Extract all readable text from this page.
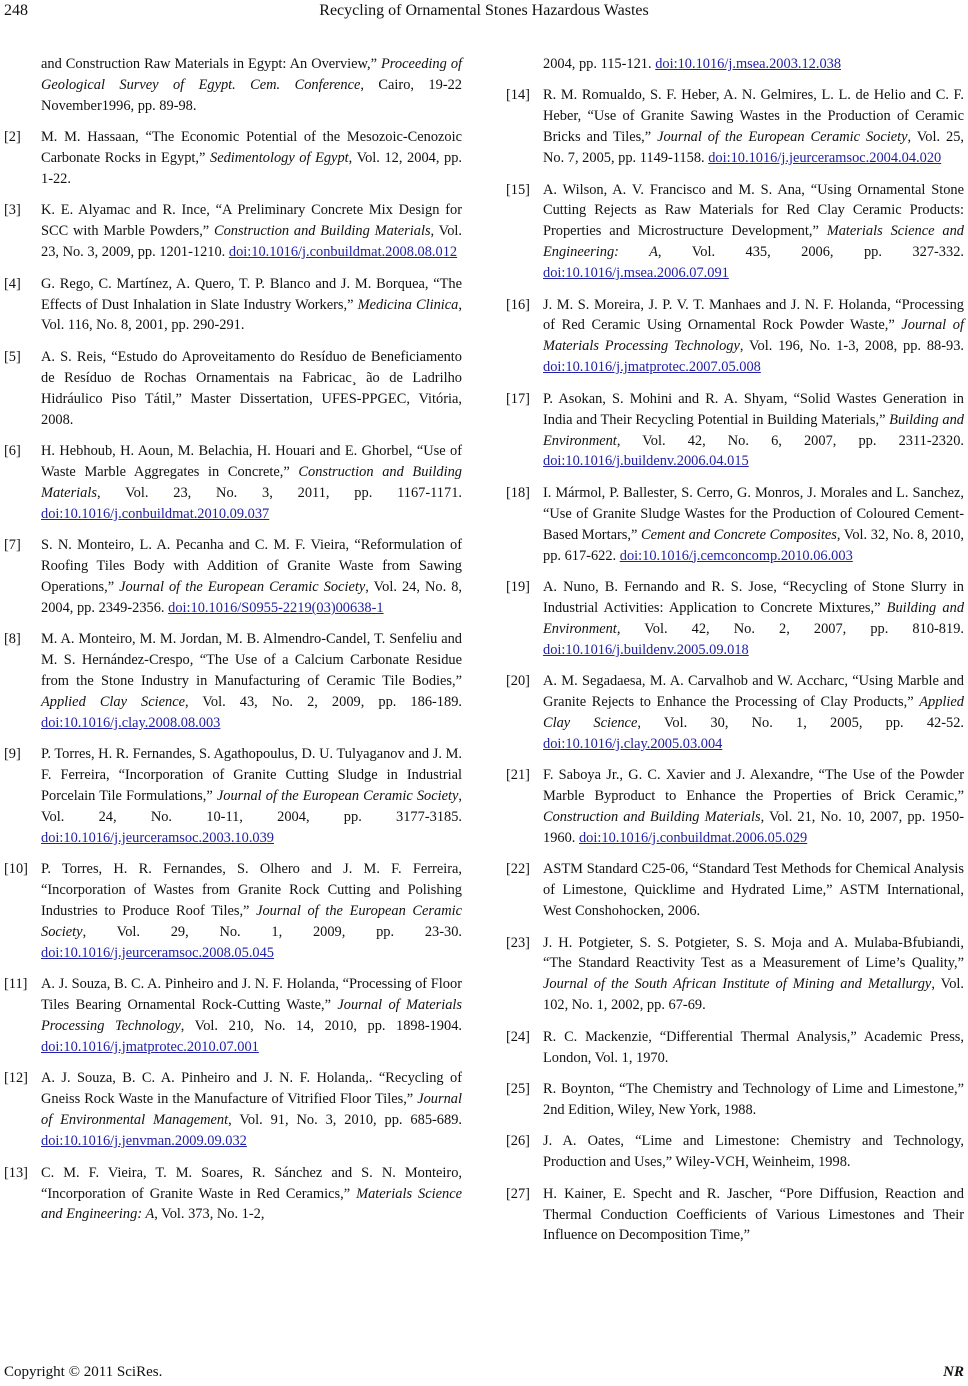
248	Recycling of Ornamental Stones Hazardous Wastes
and Construction Raw Materials in Egypt: An Overview,” Proceeding of Geological Survey of Egypt. Cem. Conference, Cairo, 19-22 November1996, pp. 89-98.
[2] M. M. Hassaan, “The Economic Potential of the Mesozoic-Cenozoic Carbonate Rocks in Egypt,” Sedimentology of Egypt, Vol. 12, 2004, pp. 1-22.
[3] K. E. Alyamac and R. Ince, “A Preliminary Concrete Mix Design for SCC with Marble Powders,” Construction and Building Materials, Vol. 23, No. 3, 2009, pp. 1201-1210. doi:10.1016/j.conbuildmat.2008.08.012
[4] G. Rego, C. Martínez, A. Quero, T. P. Blanco and J. M. Borquea, “The Effects of Dust Inhalation in Slate Industry Workers,” Medicina Clinica, Vol. 116, No. 8, 2001, pp. 290-291.
[5] A. S. Reis, “Estudo do Aproveitamento do Resíduo de Beneficiamento de Resíduo de Rochas Ornamentais na Fabricac¸ ão de Ladrilho Hidráulico Piso Tátil,” Master Dissertation, UFES-PPGEC, Vitória, 2008.
[6] H. Hebhoub, H. Aoun, M. Belachia, H. Houari and E. Ghorbel, “Use of Waste Marble Aggregates in Concrete,” Construction and Building Materials, Vol. 23, No. 3, 2011, pp. 1167-1171. doi:10.1016/j.conbuildmat.2010.09.037
[7] S. N. Monteiro, L. A. Pecanha and C. M. F. Vieira, “Reformulation of Roofing Tiles Body with Addition of Granite Waste from Sawing Operations,” Journal of the European Ceramic Society, Vol. 24, No. 8, 2004, pp. 2349-2356. doi:10.1016/S0955-2219(03)00638-1
[8] M. A. Monteiro, M. M. Jordan, M. B. Almendro-Candel, T. Senfeliu and M. S. Hernández-Crespo, “The Use of a Calcium Carbonate Residue from the Stone Industry in Manufacturing of Ceramic Tile Bodies,” Applied Clay Science, Vol. 43, No. 2, 2009, pp. 186-189. doi:10.1016/j.clay.2008.08.003
[9] P. Torres, H. R. Fernandes, S. Agathopoulus, D. U. Tulyaganov and J. M. F. Ferreira, “Incorporation of Granite Cutting Sludge in Industrial Porcelain Tile Formulations,” Journal of the European Ceramic Society, Vol. 24, No. 10-11, 2004, pp. 3177-3185. doi:10.1016/j.jeurceramsoc.2003.10.039
[10] P. Torres, H. R. Fernandes, S. Olhero and J. M. F. Ferreira, “Incorporation of Wastes from Granite Rock Cutting and Polishing Industries to Produce Roof Tiles,” Journal of the European Ceramic Society, Vol. 29, No. 1, 2009, pp. 23-30. doi:10.1016/j.jeurceramsoc.2008.05.045
[11] A. J. Souza, B. C. A. Pinheiro and J. N. F. Holanda, “Processing of Floor Tiles Bearing Ornamental Rock-Cutting Waste,” Journal of Materials Processing Technology, Vol. 210, No. 14, 2010, pp. 1898-1904. doi:10.1016/j.jmatprotec.2010.07.001
[12] A. J. Souza, B. C. A. Pinheiro and J. N. F. Holanda,. “Recycling of Gneiss Rock Waste in the Manufacture of Vitrified Floor Tiles,” Journal of Environmental Management, Vol. 91, No. 3, 2010, pp. 685-689. doi:10.1016/j.jenvman.2009.09.032
[13] C. M. F. Vieira, T. M. Soares, R. Sánchez and S. N. Monteiro, “Incorporation of Granite Waste in Red Ceramics,” Materials Science and Engineering: A, Vol. 373, No. 1-2,
2004, pp. 115-121. doi:10.1016/j.msea.2003.12.038
[14] R. M. Romualdo, S. F. Heber, A. N. Gelmires, L. L. de Helio and C. F. Heber, “Use of Granite Sawing Wastes in the Production of Ceramic Bricks and Tiles,” Journal of the European Ceramic Society, Vol. 25, No. 7, 2005, pp. 1149-1158. doi:10.1016/j.jeurceramsoc.2004.04.020
[15] A. Wilson, A. V. Francisco and M. S. Ana, “Using Ornamental Stone Cutting Rejects as Raw Materials for Red Clay Ceramic Products: Properties and Microstructure Development,” Materials Science and Engineering: A, Vol. 435, 2006, pp. 327-332. doi:10.1016/j.msea.2006.07.091
[16] J. M. S. Moreira, J. P. V. T. Manhaes and J. N. F. Holanda, “Processing of Red Ceramic Using Ornamental Rock Powder Waste,” Journal of Materials Processing Technology, Vol. 196, No. 1-3, 2008, pp. 88-93. doi:10.1016/j.jmatprotec.2007.05.008
[17] P. Asokan, S. Mohini and R. A. Shyam, “Solid Wastes Generation in India and Their Recycling Potential in Building Materials,” Building and Environment, Vol. 42, No. 6, 2007, pp. 2311-2320. doi:10.1016/j.buildenv.2006.04.015
[18] I. Mármol, P. Ballester, S. Cerro, G. Monros, J. Morales and L. Sanchez, “Use of Granite Sludge Wastes for the Production of Coloured Cement-Based Mortars,” Cement and Concrete Composites, Vol. 32, No. 8, 2010, pp. 617-622. doi:10.1016/j.cemconcomp.2010.06.003
[19] A. Nuno, B. Fernando and R. S. Jose, “Recycling of Stone Slurry in Industrial Activities: Application to Concrete Mixtures,” Building and Environment, Vol. 42, No. 2, 2007, pp. 810-819. doi:10.1016/j.buildenv.2005.09.018
[20] A. M. Segadaesa, M. A. Carvalhob and W. Accharc, “Using Marble and Granite Rejects to Enhance the Processing of Clay Products,” Applied Clay Science, Vol. 30, No. 1, 2005, pp. 42-52. doi:10.1016/j.clay.2005.03.004
[21] F. Saboya Jr., G. C. Xavier and J. Alexandre, “The Use of the Powder Marble Byproduct to Enhance the Properties of Brick Ceramic,” Construction and Building Materials, Vol. 21, No. 10, 2007, pp. 1950-1960. doi:10.1016/j.conbuildmat.2006.05.029
[22] ASTM Standard C25-06, “Standard Test Methods for Chemical Analysis of Limestone, Quicklime and Hydrated Lime,” ASTM International, West Conshohocken, 2006.
[23] J. H. Potgieter, S. S. Potgieter, S. S. Moja and A. Mulaba-Bfubiandi, “The Standard Reactivity Test as a Measurement of Lime’s Quality,” Journal of the South African Institute of Mining and Metallurgy, Vol. 102, No. 1, 2002, pp. 67-69.
[24] R. C. Mackenzie, “Differential Thermal Analysis,” Academic Press, London, Vol. 1, 1970.
[25] R. Boynton, “The Chemistry and Technology of Lime and Limestone,” 2nd Edition, Wiley, New York, 1988.
[26] J. A. Oates, “Lime and Limestone: Chemistry and Technology, Production and Uses,” Wiley-VCH, Weinheim, 1998.
[27] H. Kainer, E. Specht and R. Jascher, “Pore Diffusion, Reaction and Thermal Conduction Coefficients of Various Limestones and Their Influence on Decomposition Time,”
Copyright © 2011 SciRes.	NR
